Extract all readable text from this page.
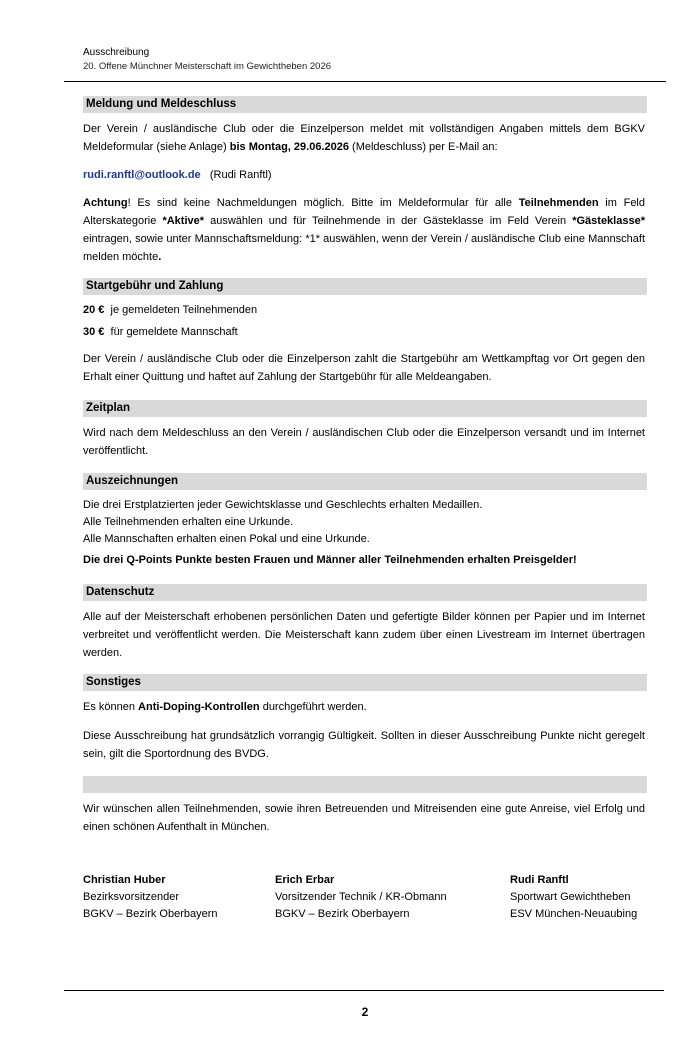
Ausschreibung
20. Offene Münchner Meisterschaft im Gewichtheben 2026
Meldung und Meldeschluss
Der Verein / ausländische Club oder die Einzelperson meldet mit vollständigen Angaben mittels dem BGKV Meldeformular (siehe Anlage) bis Montag, 29.06.2026 (Meldeschluss) per E-Mail an:
rudi.ranftl@outlook.de (Rudi Ranftl)
Achtung! Es sind keine Nachmeldungen möglich. Bitte im Meldeformular für alle Teilnehmenden im Feld Alterskategorie *Aktive* auswählen und für Teilnehmende in der Gästeklasse im Feld Verein *Gästeklasse* eintragen, sowie unter Mannschaftsmeldung: *1* auswählen, wenn der Verein / ausländische Club eine Mannschaft melden möchte.
Startgebühr und Zahlung
20 € je gemeldeten Teilnehmenden
30 € für gemeldete Mannschaft
Der Verein / ausländische Club oder die Einzelperson zahlt die Startgebühr am Wettkampftag vor Ort gegen den Erhalt einer Quittung und haftet auf Zahlung der Startgebühr für alle Meldeangaben.
Zeitplan
Wird nach dem Meldeschluss an den Verein / ausländischen Club oder die Einzelperson versandt und im Internet veröffentlicht.
Auszeichnungen
Die drei Erstplatzierten jeder Gewichtsklasse und Geschlechts erhalten Medaillen.
Alle Teilnehmenden erhalten eine Urkunde.
Alle Mannschaften erhalten einen Pokal und eine Urkunde.
Die drei Q-Points Punkte besten Frauen und Männer aller Teilnehmenden erhalten Preisgelder!
Datenschutz
Alle auf der Meisterschaft erhobenen persönlichen Daten und gefertigte Bilder können per Papier und im Internet verbreitet und veröffentlicht werden. Die Meisterschaft kann zudem über einen Livestream im Internet übertragen werden.
Sonstiges
Es können Anti-Doping-Kontrollen durchgeführt werden.
Diese Ausschreibung hat grundsätzlich vorrangig Gültigkeit. Sollten in dieser Ausschreibung Punkte nicht geregelt sein, gilt die Sportordnung des BVDG.
Wir wünschen allen Teilnehmenden, sowie ihren Betreuenden und Mitreisenden eine gute Anreise, viel Erfolg und einen schönen Aufenthalt in München.
Christian Huber
Bezirksvorsitzender
BGKV – Bezirk Oberbayern
Erich Erbar
Vorsitzender Technik / KR-Obmann
BGKV – Bezirk Oberbayern
Rudi Ranftl
Sportwart Gewichtheben
ESV München-Neuaubing
2
